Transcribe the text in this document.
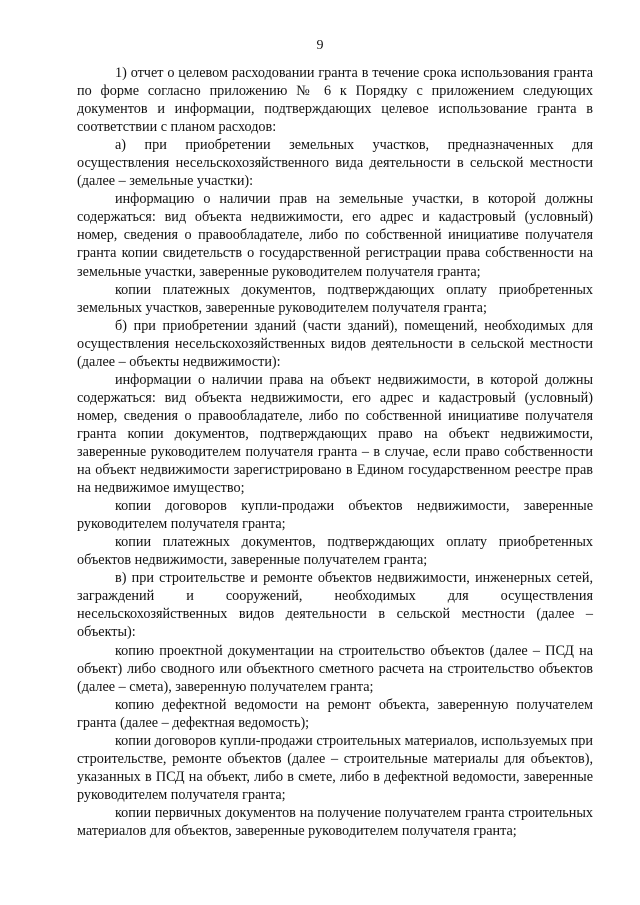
9

1) отчет о целевом расходовании гранта в течение срока использования гранта по форме согласно приложению № 6 к Порядку с приложением следующих документов и информации, подтверждающих целевое использование гранта в соответствии с планом расходов:

а) при приобретении земельных участков, предназначенных для осуществления несельскохозяйственного вида деятельности в сельской местности (далее – земельные участки):

информацию о наличии прав на земельные участки, в которой должны содержаться: вид объекта недвижимости, его адрес и кадастровый (условный) номер, сведения о правообладателе, либо по собственной инициативе получателя гранта копии свидетельств о государственной регистрации права собственности на земельные участки, заверенные руководителем получателя гранта;

копии платежных документов, подтверждающих оплату приобретенных земельных участков, заверенные руководителем получателя гранта;

б) при приобретении зданий (части зданий), помещений, необходимых для осуществления несельскохозяйственных видов деятельности в сельской местности (далее – объекты недвижимости):

информации о наличии права на объект недвижимости, в которой должны содержаться: вид объекта недвижимости, его адрес и кадастровый (условный) номер, сведения о правообладателе, либо по собственной инициативе получателя гранта копии документов, подтверждающих право на объект недвижимости, заверенные руководителем получателя гранта – в случае, если право собственности на объект недвижимости зарегистрировано в Едином государственном реестре прав на недвижимое имущество;

копии договоров купли-продажи объектов недвижимости, заверенные руководителем получателя гранта;

копии платежных документов, подтверждающих оплату приобретенных объектов недвижимости, заверенные получателем гранта;

в) при строительстве и ремонте объектов недвижимости, инженерных сетей, заграждений и сооружений, необходимых для осуществления несельскохозяйственных видов деятельности в сельской местности (далее – объекты):

копию проектной документации на строительство объектов (далее – ПСД на объект) либо сводного или объектного сметного расчета на строительство объектов (далее – смета), заверенную получателем гранта;

копию дефектной ведомости на ремонт объекта, заверенную получателем гранта (далее – дефектная ведомость);

копии договоров купли-продажи строительных материалов, используемых при строительстве, ремонте объектов (далее – строительные материалы для объектов), указанных в ПСД на объект, либо в смете, либо в дефектной ведомости, заверенные руководителем получателя гранта;

копии первичных документов на получение получателем гранта строительных материалов для объектов, заверенные руководителем получателя гранта;
